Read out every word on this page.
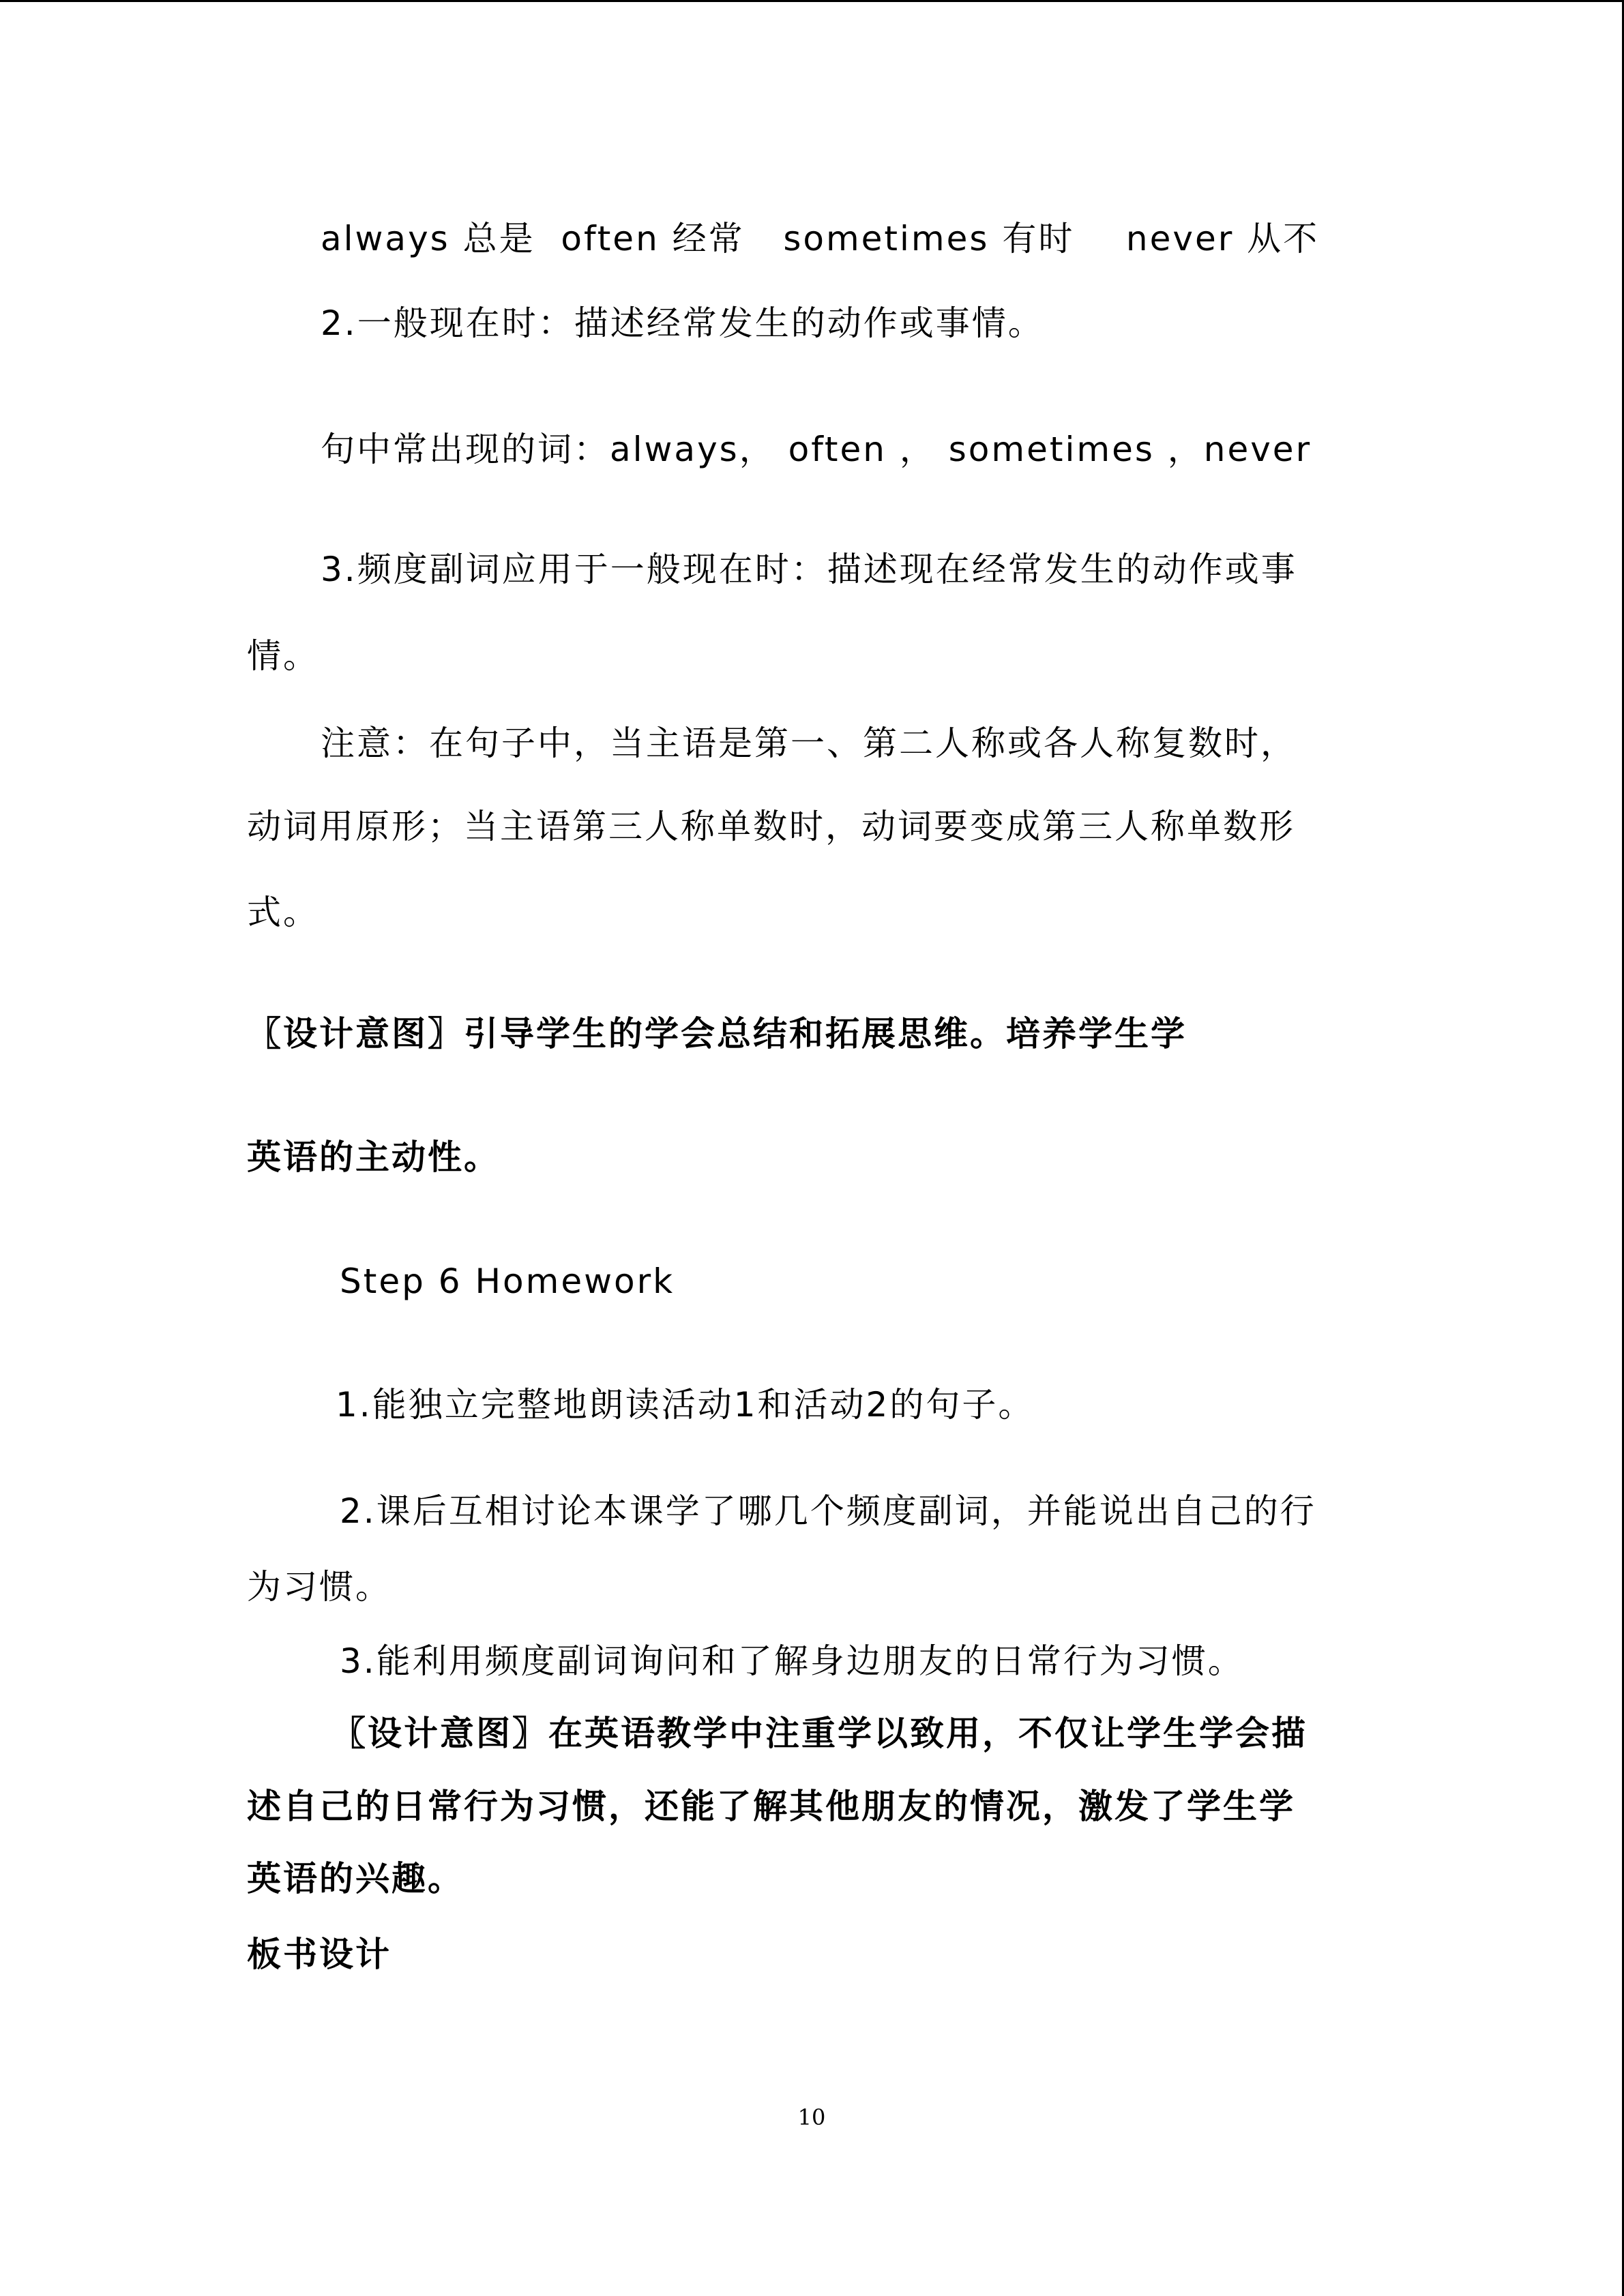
always 总是  often 经常   sometimes 有时    never 从不
2.一般现在时：描述经常发生的动作或事情。
句中常出现的词：always， often ， sometimes ，never
3.频度副词应用于一般现在时：描述现在经常发生的动作或事
情。
注意：在句子中，当主语是第一、第二人称或各人称复数时，
动词用原形；当主语第三人称单数时，动词要变成第三人称单数形
式。
〖设计意图〗引导学生的学会总结和拓展思维。培养学生学
英语的主动性。
Step 6 Homework
1.能独立完整地朗读活动1和活动2的句子。
2.课后互相讨论本课学了哪几个频度副词，并能说出自己的行
为习惯。
3.能利用频度副词询问和了解身边朋友的日常行为习惯。
〖设计意图〗在英语教学中注重学以致用，不仅让学生学会描
述自己的日常行为习惯，还能了解其他朋友的情况，激发了学生学
英语的兴趣。
板书设计
10
